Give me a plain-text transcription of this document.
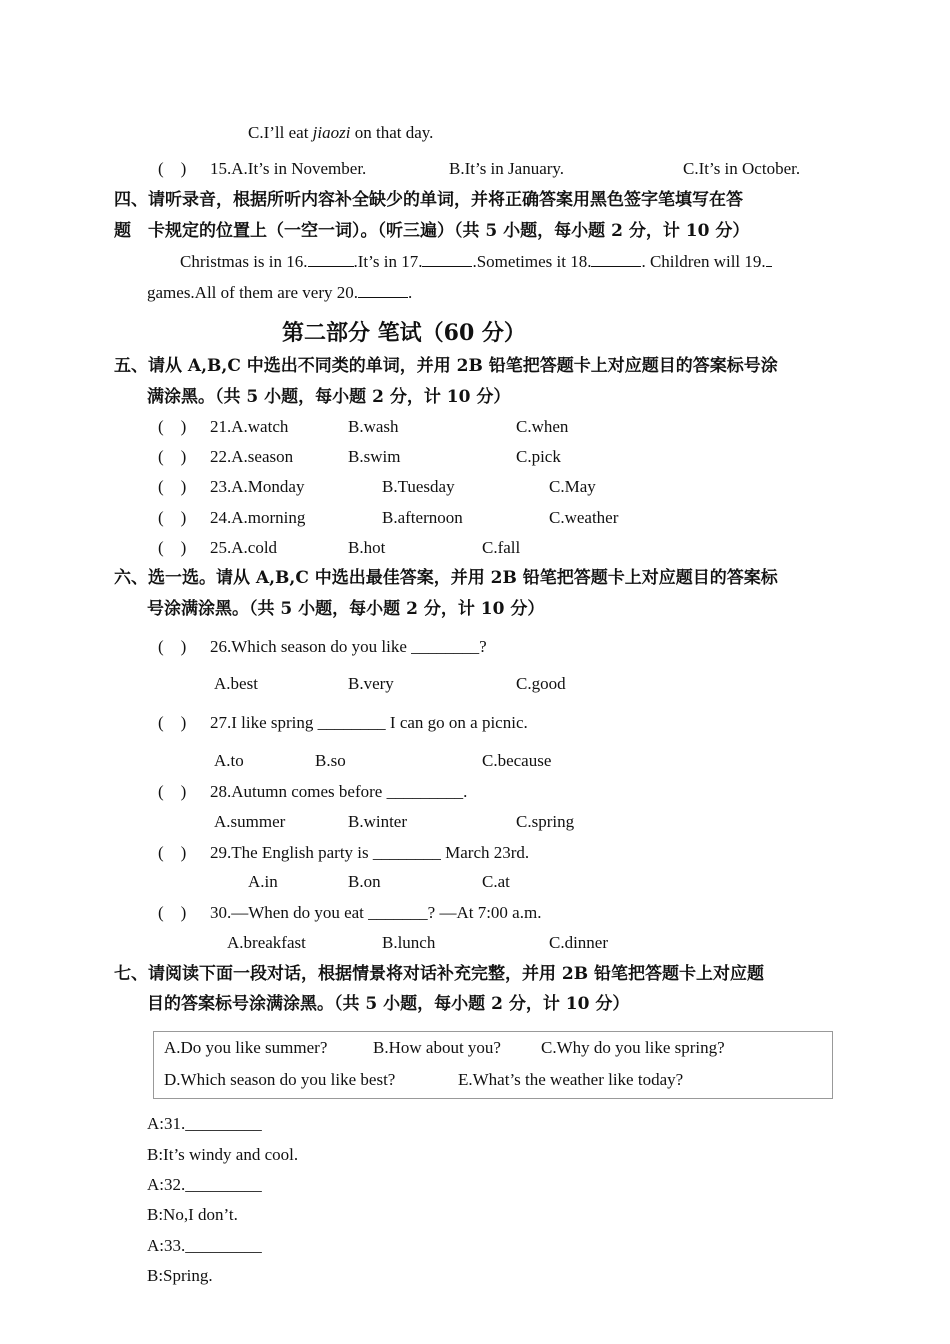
C.I’ll eat jiaozi on that day.
(　) 15.A.It’s in November.	B.It’s in January.	C.It’s in October.
四、请听录音，根据所听内容补全缺少的单词，并将正确答案用黑色签字笔填写在答
题　卡规定的位置上（一空一词）。（听三遍）（共 5 小题，每小题 2 分，计 10 分）
Christmas is in 16.	.It’s in 17.	.Sometimes it 18.	. Children will 19.
games.All of them are very 20.	.
第二部分 笔试（60 分）
五、请从 A,B,C 中选出不同类的单词，并用 2B 铅笔把答题卡上对应题目的答案标号涂
满涂黑。（共 5 小题，每小题 2 分，计 10 分）
(　) 21.A.watch	B.wash	C.when
(　) 22.A.season	B.swim	C.pick
(　) 23.A.Monday	B.Tuesday	C.May
(　) 24.A.morning	B.afternoon	C.weather
(　) 25.A.cold	B.hot	C.fall
六、选一选。请从 A,B,C 中选出最佳答案，并用 2B 铅笔把答题卡上对应题目的答案标
号涂满涂黑。（共 5 小题，每小题 2 分，计 10 分）
(　) 26.Which season do you like ________?
A.best	B.very	C.good
(　) 27.I like spring ________ I can go on a picnic.
A.to	B.so	C.because
(　) 28.Autumn comes before _________.
A.summer	B.winter	C.spring
(　) 29.The English party is ________ March 23rd.
A.in	B.on	C.at
(　) 30.—When do you eat _______? —At 7:00 a.m.
A.breakfast	B.lunch	C.dinner
七、请阅读下面一段对话，根据情景将对话补充完整，并用 2B 铅笔把答题卡上对应题
目的答案标号涂满涂黑。（共 5 小题，每小题 2 分，计 10 分）
A.Do you like summer?	B.How about you? C.Why do you like spring?
D.Which season do you like best?	E.What’s the weather like today?
A:31._________
B:It’s windy and cool.
A:32._________
B:No,I don’t.
A:33._________
B:Spring.
